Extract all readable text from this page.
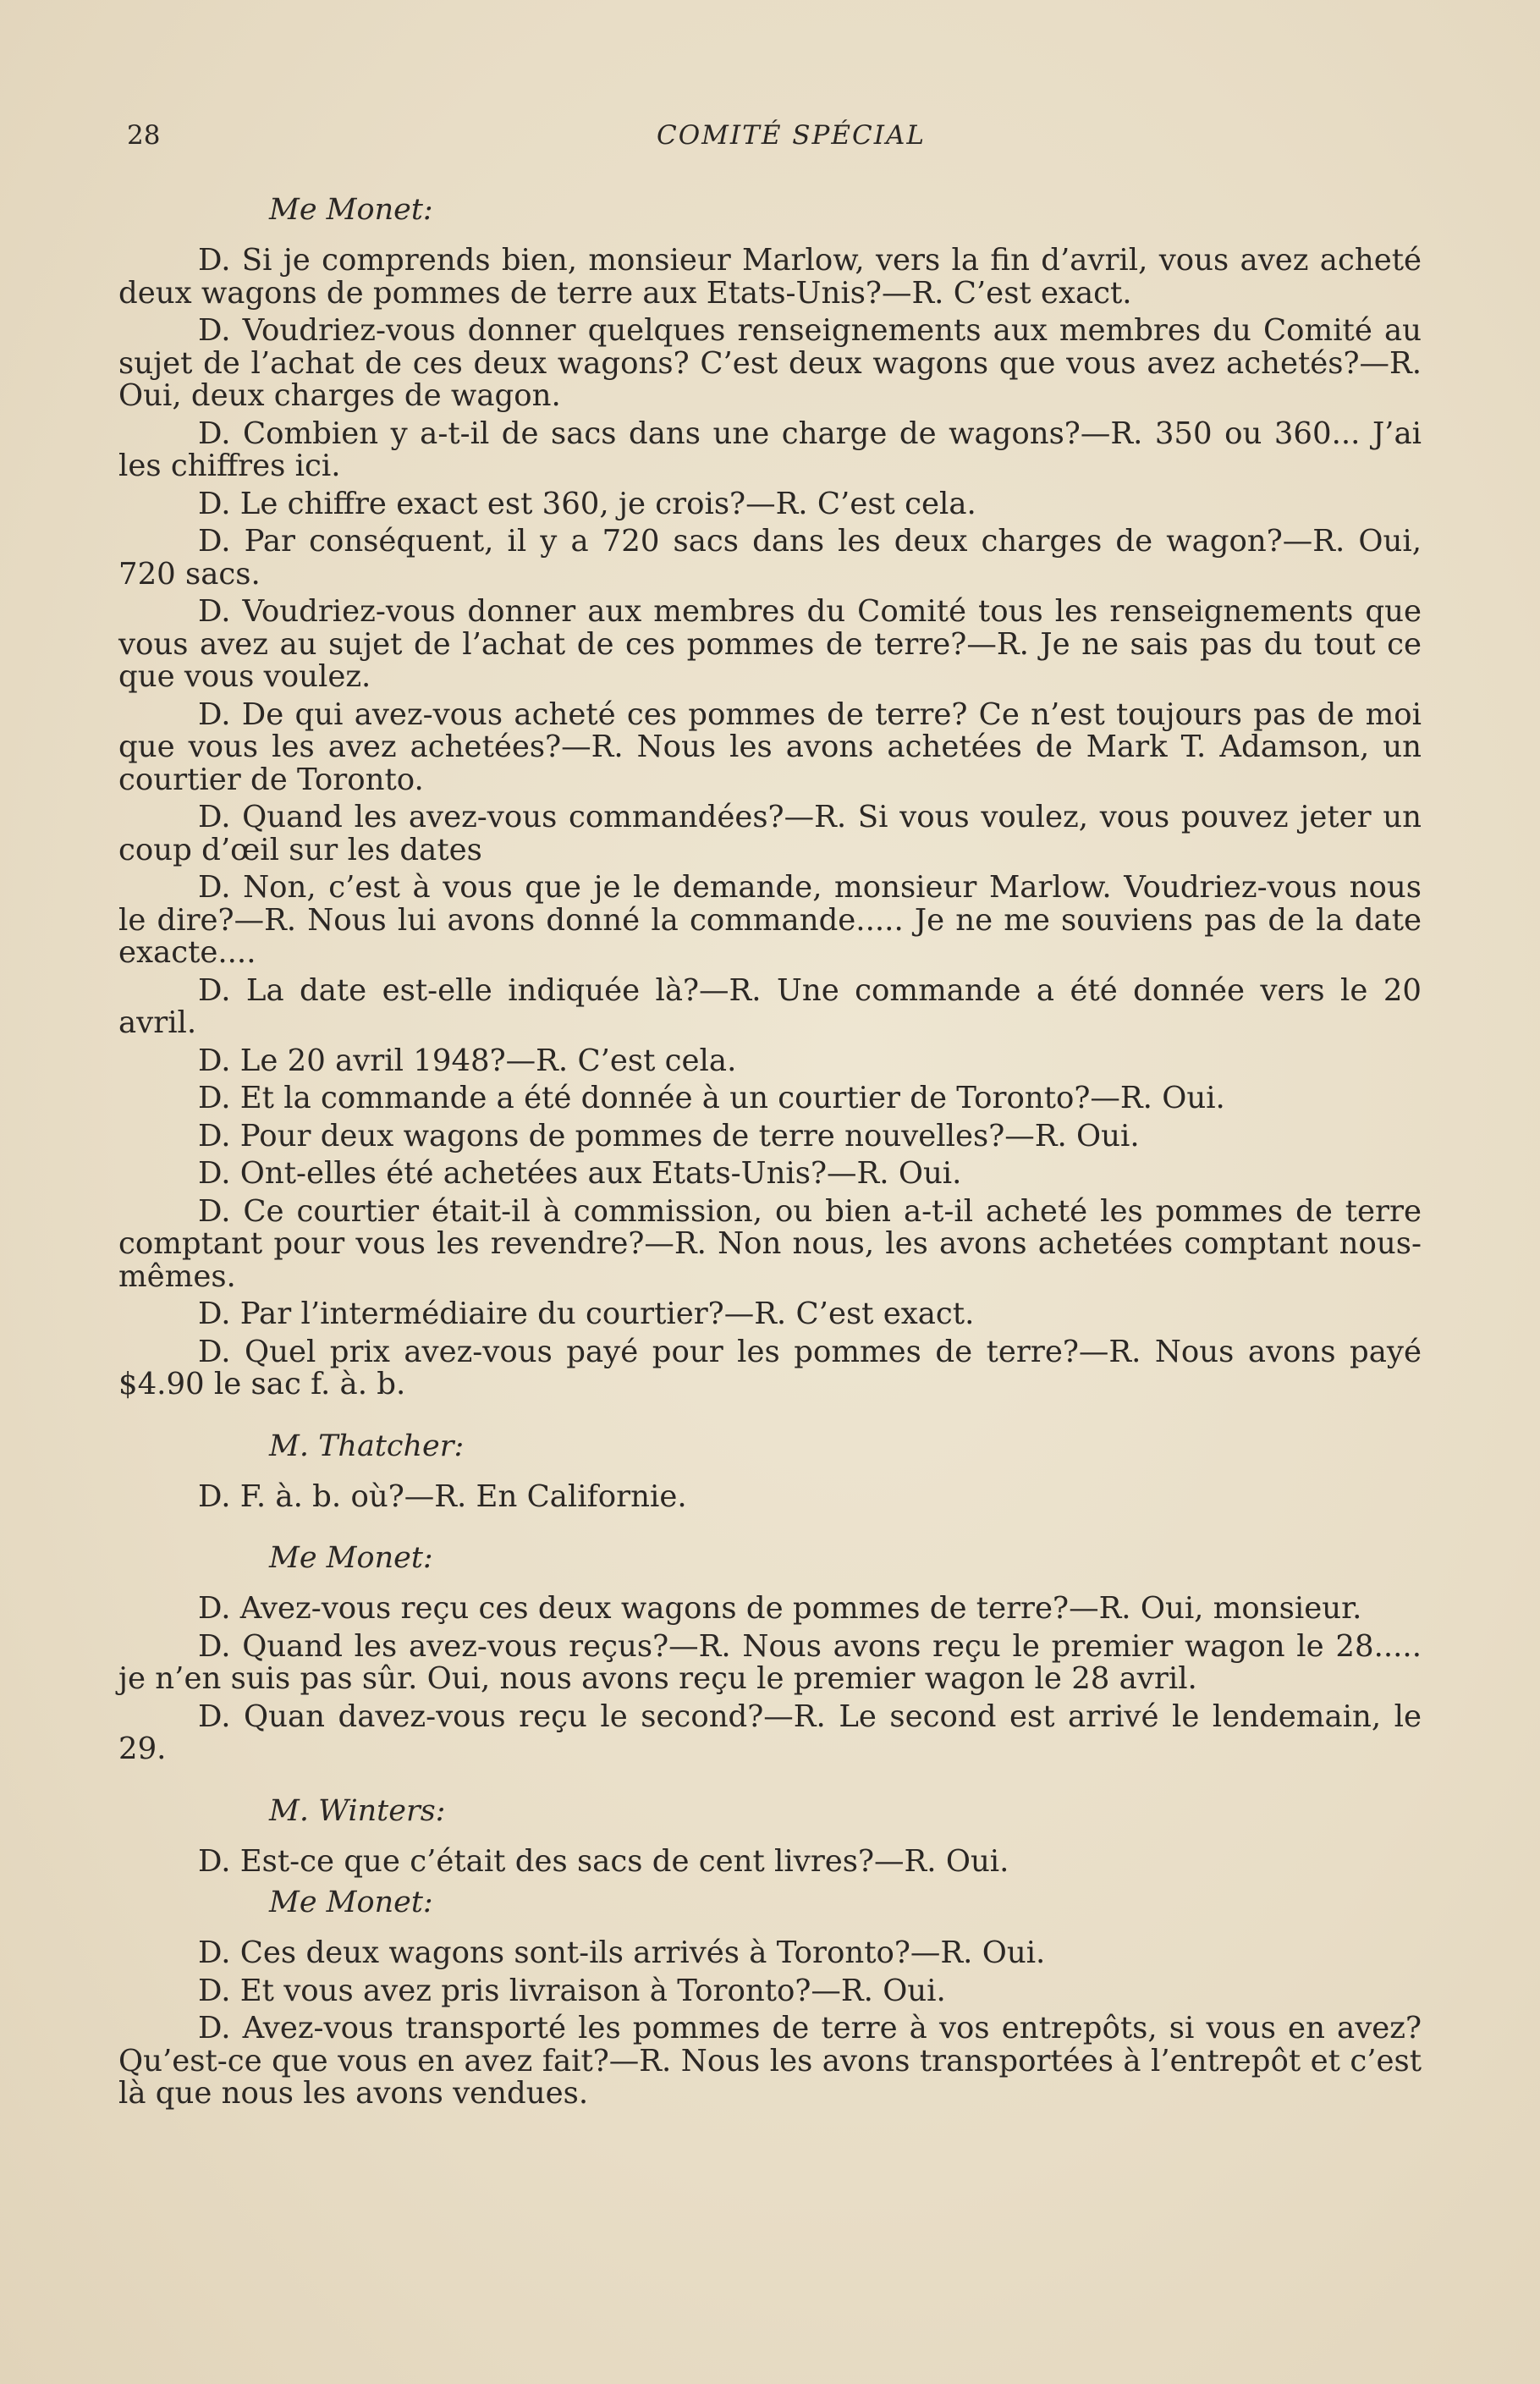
28	COMITÉ SPÉCIAL
Me Monet:

D. Si je comprends bien, monsieur Marlow, vers la fin d’avril, vous avez acheté deux wagons de pommes de terre aux Etats-Unis?—R. C’est exact.

D. Voudriez-vous donner quelques renseignements aux membres du Comité au sujet de l’achat de ces deux wagons? C’est deux wagons que vous avez achetés?—R. Oui, deux charges de wagon.

D. Combien y a-t-il de sacs dans une charge de wagons?—R. 350 ou 360... J’ai les chiffres ici.

D. Le chiffre exact est 360, je crois?—R. C’est cela.

D. Par conséquent, il y a 720 sacs dans les deux charges de wagon?—R. Oui, 720 sacs.

D. Voudriez-vous donner aux membres du Comité tous les renseignements que vous avez au sujet de l’achat de ces pommes de terre?—R. Je ne sais pas du tout ce que vous voulez.

D. De qui avez-vous acheté ces pommes de terre? Ce n’est toujours pas de moi que vous les avez achetées?—R. Nous les avons achetées de Mark T. Adamson, un courtier de Toronto.

D. Quand les avez-vous commandées?—R. Si vous voulez, vous pouvez jeter un coup d’œil sur les dates

D. Non, c’est à vous que je le demande, monsieur Marlow. Voudriez-vous nous le dire?—R. Nous lui avons donné la commande..... Je ne me souviens pas de la date exacte....

D. La date est-elle indiquée là?—R. Une commande a été donnée vers le 20 avril.

D. Le 20 avril 1948?—R. C’est cela.

D. Et la commande a été donnée à un courtier de Toronto?—R. Oui.

D. Pour deux wagons de pommes de terre nouvelles?—R. Oui.

D. Ont-elles été achetées aux Etats-Unis?—R. Oui.

D. Ce courtier était-il à commission, ou bien a-t-il acheté les pommes de terre comptant pour vous les revendre?—R. Non nous, les avons achetées comptant nous-mêmes.

D. Par l’intermédiaire du courtier?—R. C’est exact.

D. Quel prix avez-vous payé pour les pommes de terre?—R. Nous avons payé $4.90 le sac f. à. b.

M. Thatcher:

D. F. à. b. où?—R. En Californie.

Me Monet:

D. Avez-vous reçu ces deux wagons de pommes de terre?—R. Oui, monsieur.

D. Quand les avez-vous reçus?—R. Nous avons reçu le premier wagon le 28..... je n’en suis pas sûr. Oui, nous avons reçu le premier wagon le 28 avril.

D. Quan davez-vous reçu le second?—R. Le second est arrivé le lendemain, le 29.

M. Winters:

D. Est-ce que c’était des sacs de cent livres?—R. Oui.

Me Monet:

D. Ces deux wagons sont-ils arrivés à Toronto?—R. Oui.

D. Et vous avez pris livraison à Toronto?—R. Oui.

D. Avez-vous transporté les pommes de terre à vos entrepôts, si vous en avez? Qu’est-ce que vous en avez fait?—R. Nous les avons transportées à l’entrepôt et c’est là que nous les avons vendues.
